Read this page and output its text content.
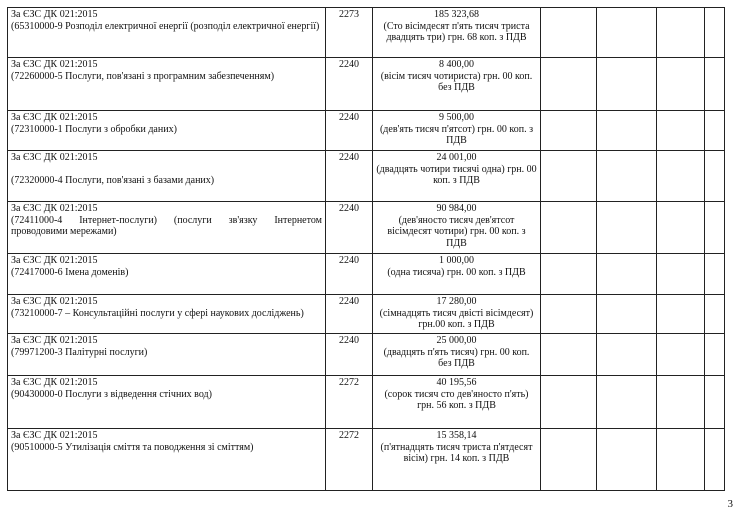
За ЄЗС ДК 021:2015
(65310000-9 Розподіл електричної енергії (розподіл електричної енергії)	2273	185 323,68
(Сто вісімдесят п'ять тисяч триста двадцять три) грн. 68 коп. з ПДВ				

За ЄЗС ДК 021:2015
(72260000-5 Послуги, пов'язані з програмним забезпеченням)	2240	8 400,00
(вісім тисяч чотириста) грн. 00 коп. без ПДВ				

За ЄЗС ДК 021:2015
(72310000-1 Послуги з обробки даних)	2240	9 500,00
(дев'ять тисяч п'ятсот) грн. 00 коп. з ПДВ				

За ЄЗС ДК 021:2015
(72320000-4 Послуги, пов'язані з базами даних)	2240	24 001,00
(двадцять чотири тисячі одна) грн. 00 коп. з ПДВ				

За ЄЗС ДК 021:2015
(72411000-4 Інтернет-послуги) (послуги зв'язку Інтернетом проводовими мережами)	2240	90 984,00
(дев'яносто тисяч дев'ятсот вісімдесят чотири) грн. 00 коп. з ПДВ				

За ЄЗС ДК 021:2015
(72417000-6 Імена доменів)	2240	1 000,00
(одна тисяча) грн. 00 коп. з ПДВ				

За ЄЗС ДК 021:2015
(73210000-7 – Консультаційні послуги у сфері наукових досліджень)	2240	17 280,00
(сімнадцять тисяч двісті вісімдесят) грн.00 коп. з ПДВ				

За ЄЗС ДК 021:2015
(79971200-3 Палітурні послуги)	2240	25 000,00
(двадцять п'ять тисяч) грн. 00 коп. без ПДВ				

За ЄЗС ДК 021:2015
(90430000-0 Послуги з відведення стічних вод)	2272	40 195,56
(сорок тисяч сто дев'яносто п'ять) грн. 56 коп. з ПДВ				

За ЄЗС ДК 021:2015
(90510000-5 Утилізація сміття та поводження зі сміттям)	2272	15 358,14
(п'ятнадцять тисяч триста п'ятдесят вісім) грн. 14 коп. з ПДВ				
3
